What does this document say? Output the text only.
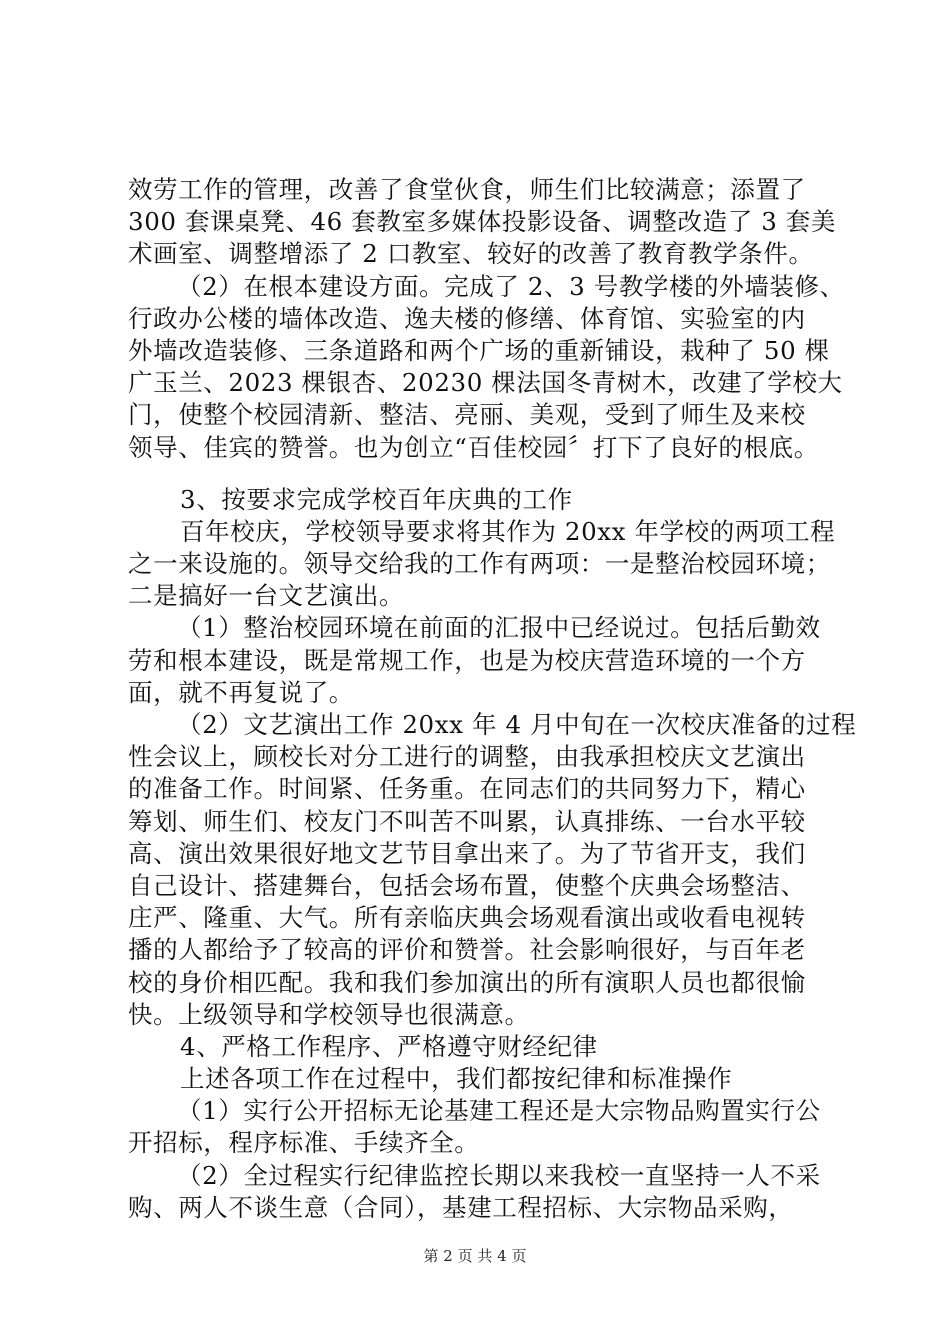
效劳工作的管理，改善了食堂伙食，师生们比较满意；添置了
300 套课桌凳、46 套教室多媒体投影设备、调整改造了 3 套美
术画室、调整增添了 2 口教室、较好的改善了教育教学条件。
（2）在根本建设方面。完成了 2、3 号教学楼的外墙装修、
行政办公楼的墙体改造、逸夫楼的修缮、体育馆、实验室的内
外墙改造装修、三条道路和两个广场的重新铺设，栽种了 50 棵
广玉兰、2023 棵银杏、20230 棵法国冬青树木，改建了学校大
门，使整个校园清新、整洁、亮丽、美观，受到了师生及来校
领导、佳宾的赞誉。也为创立“百佳校园〞打下了良好的根底。
3、按要求完成学校百年庆典的工作
百年校庆，学校领导要求将其作为 20xx 年学校的两项工程
之一来设施的。领导交给我的工作有两项：一是整治校园环境；
二是搞好一台文艺演出。
（1）整治校园环境在前面的汇报中已经说过。包括后勤效
劳和根本建设，既是常规工作，也是为校庆营造环境的一个方
面，就不再复说了。
（2）文艺演出工作 20xx 年 4 月中旬在一次校庆准备的过程
性会议上，顾校长对分工进行的调整，由我承担校庆文艺演出
的准备工作。时间紧、任务重。在同志们的共同努力下，精心
筹划、师生们、校友门不叫苦不叫累，认真排练、一台水平较
高、演出效果很好地文艺节目拿出来了。为了节省开支，我们
自己设计、搭建舞台，包括会场布置，使整个庆典会场整洁、
庄严、隆重、大气。所有亲临庆典会场观看演出或收看电视转
播的人都给予了较高的评价和赞誉。社会影响很好，与百年老
校的身价相匹配。我和我们参加演出的所有演职人员也都很愉
快。上级领导和学校领导也很满意。
4、严格工作程序、严格遵守财经纪律
上述各项工作在过程中，我们都按纪律和标准操作
（1）实行公开招标无论基建工程还是大宗物品购置实行公
开招标，程序标准、手续齐全。
（2）全过程实行纪律监控长期以来我校一直坚持一人不采
购、两人不谈生意（合同），基建工程招标、大宗物品采购，
第 2 页 共 4 页
